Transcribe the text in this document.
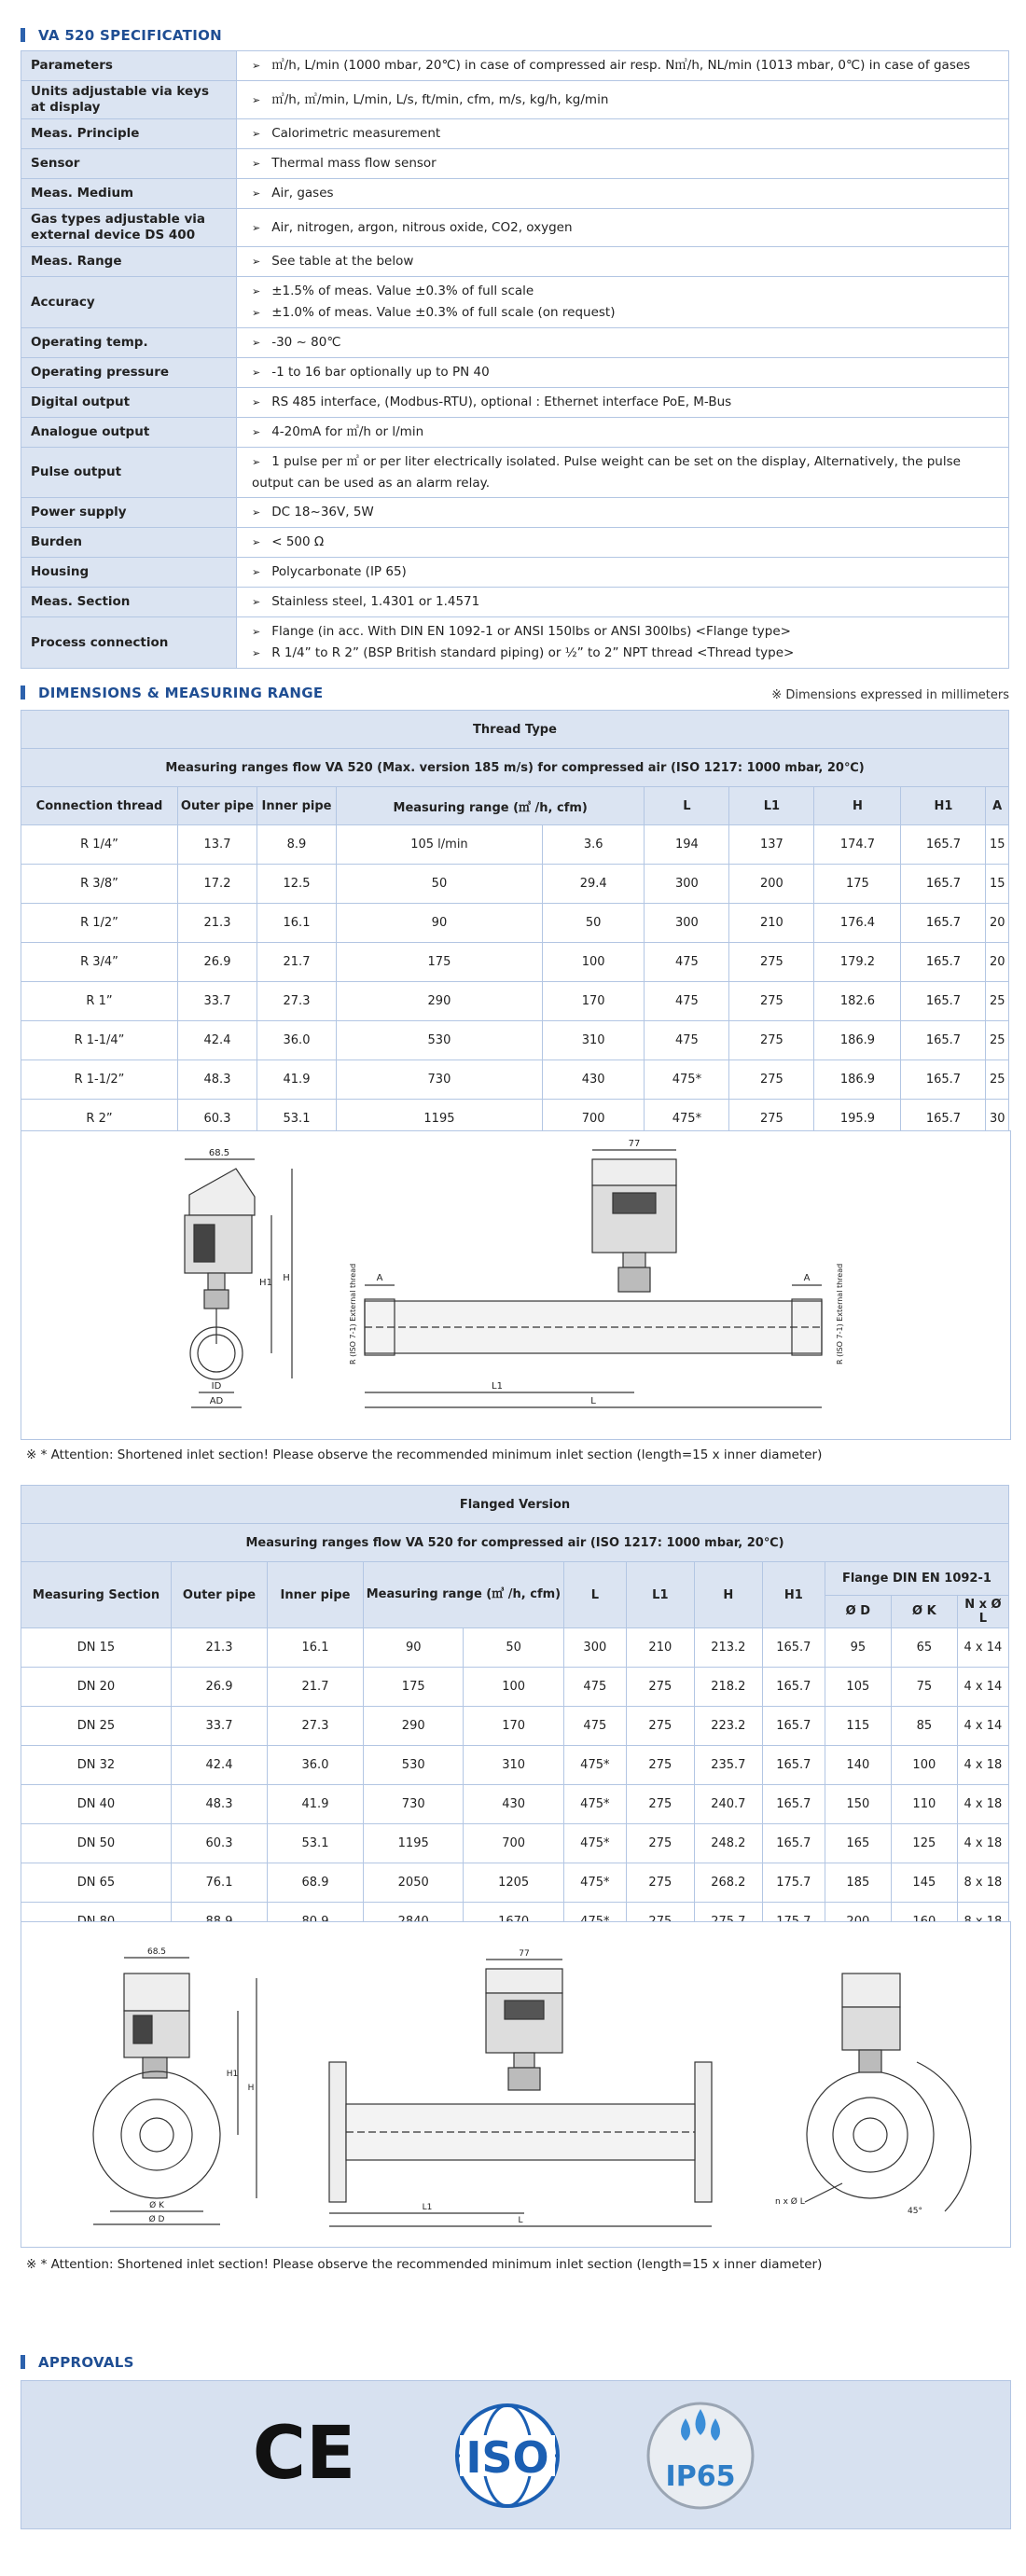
VA 520 SPECIFICATION
Parameters	➢ ㎥/h, L/min (1000 mbar, 20℃) in case of compressed air resp. N㎥/h, NL/min (1013 mbar, 0℃) in case of gases

Units adjustable via keys at display	➢ ㎥/h, ㎥/min, L/min, L/s, ft/min, cfm, m/s, kg/h, kg/min

Meas. Principle	➢ Calorimetric measurement

Sensor	➢ Thermal mass flow sensor

Meas. Medium	➢ Air, gases

Gas types adjustable via external device DS 400	➢ Air, nitrogen, argon, nitrous oxide, CO2, oxygen

Meas. Range	➢ See table at the below

Accuracy	➢ ±1.5% of meas. Value ±0.3% of full scale
➢ ±1.0% of meas. Value ±0.3% of full scale (on request)

Operating temp.	➢ -30 ~ 80℃

Operating pressure	➢ -1 to 16 bar optionally up to PN 40

Digital output	➢ RS 485 interface, (Modbus-RTU), optional : Ethernet interface PoE, M-Bus

Analogue output	➢ 4-20mA for ㎥/h or l/min

Pulse output	➢ 1 pulse per ㎥ or per liter electrically isolated. Pulse weight can be set on the display, Alternatively, the pulse output can be used as an alarm relay.

Power supply	➢ DC 18~36V, 5W

Burden	➢ < 500 Ω

Housing	➢ Polycarbonate (IP 65)

Meas. Section	➢ Stainless steel, 1.4301 or 1.4571

Process connection	➢ Flange (in acc. With DIN EN 1092-1 or ANSI 150lbs or ANSI 300lbs) <Flange type>
➢ R 1/4” to R 2” (BSP British standard piping) or ½” to 2” NPT thread <Thread type>
DIMENSIONS & MEASURING RANGE	※ Dimensions expressed in millimeters
Thread Type									
Measuring ranges flow VA 520 (Max. version 185 m/s) for compressed air (ISO 1217: 1000 mbar, 20℃)									
Connection thread	Outer pipe	Inner pipe	Measuring range (㎥ /h, cfm)		L	L1	H	H1	A
R 1/4”	13.7	8.9	105 l/min	3.6	194	137	174.7	165.7	15
R 3/8”	17.2	12.5	50	29.4	300	200	175	165.7	15
R 1/2”	21.3	16.1	90	50	300	210	176.4	165.7	20
R 3/4”	26.9	21.7	175	100	475	275	179.2	165.7	20
R 1”	33.7	27.3	290	170	475	275	182.6	165.7	25
R 1-1/4”	42.4	36.0	530	310	475	275	186.9	165.7	25
R 1-1/2”	48.3	41.9	730	430	475*	275	186.9	165.7	25
R 2”	60.3	53.1	1195	700	475*	275	195.9	165.7	30
68.5
77
H1 H
ID
AD
A	A
L1
L
R (ISO 7-1) External thread	R (ISO 7-1) External thread
※ * Attention: Shortened inlet section! Please observe the recommended minimum inlet section (length=15 x inner diameter)
Flanged Version											
Measuring ranges flow VA 520 for compressed air (ISO 1217: 1000 mbar, 20℃)											
Measuring Section	Outer pipe	Inner pipe	Measuring range (㎥ /h, cfm)		L	L1	H	H1	Flange DIN EN 1092-1		
									Ø D	Ø K	N x Ø L
DN 15	21.3	16.1	90	50	300	210	213.2	165.7	95	65	4 x 14
DN 20	26.9	21.7	175	100	475	275	218.2	165.7	105	75	4 x 14
DN 25	33.7	27.3	290	170	475	275	223.2	165.7	115	85	4 x 14
DN 32	42.4	36.0	530	310	475*	275	235.7	165.7	140	100	4 x 18
DN 40	48.3	41.9	730	430	475*	275	240.7	165.7	150	110	4 x 18
DN 50	60.3	53.1	1195	700	475*	275	248.2	165.7	165	125	4 x 18
DN 65	76.1	68.9	2050	1205	475*	275	268.2	175.7	185	145	8 x 18

68.5	77
H1
H
Ø K
Ø D
L1
L
n x Ø L
45°
※ * Attention: Shortened inlet section! Please observe the recommended minimum inlet section (length=15 x inner diameter)
APPROVALS
CE	ISO	IP65
